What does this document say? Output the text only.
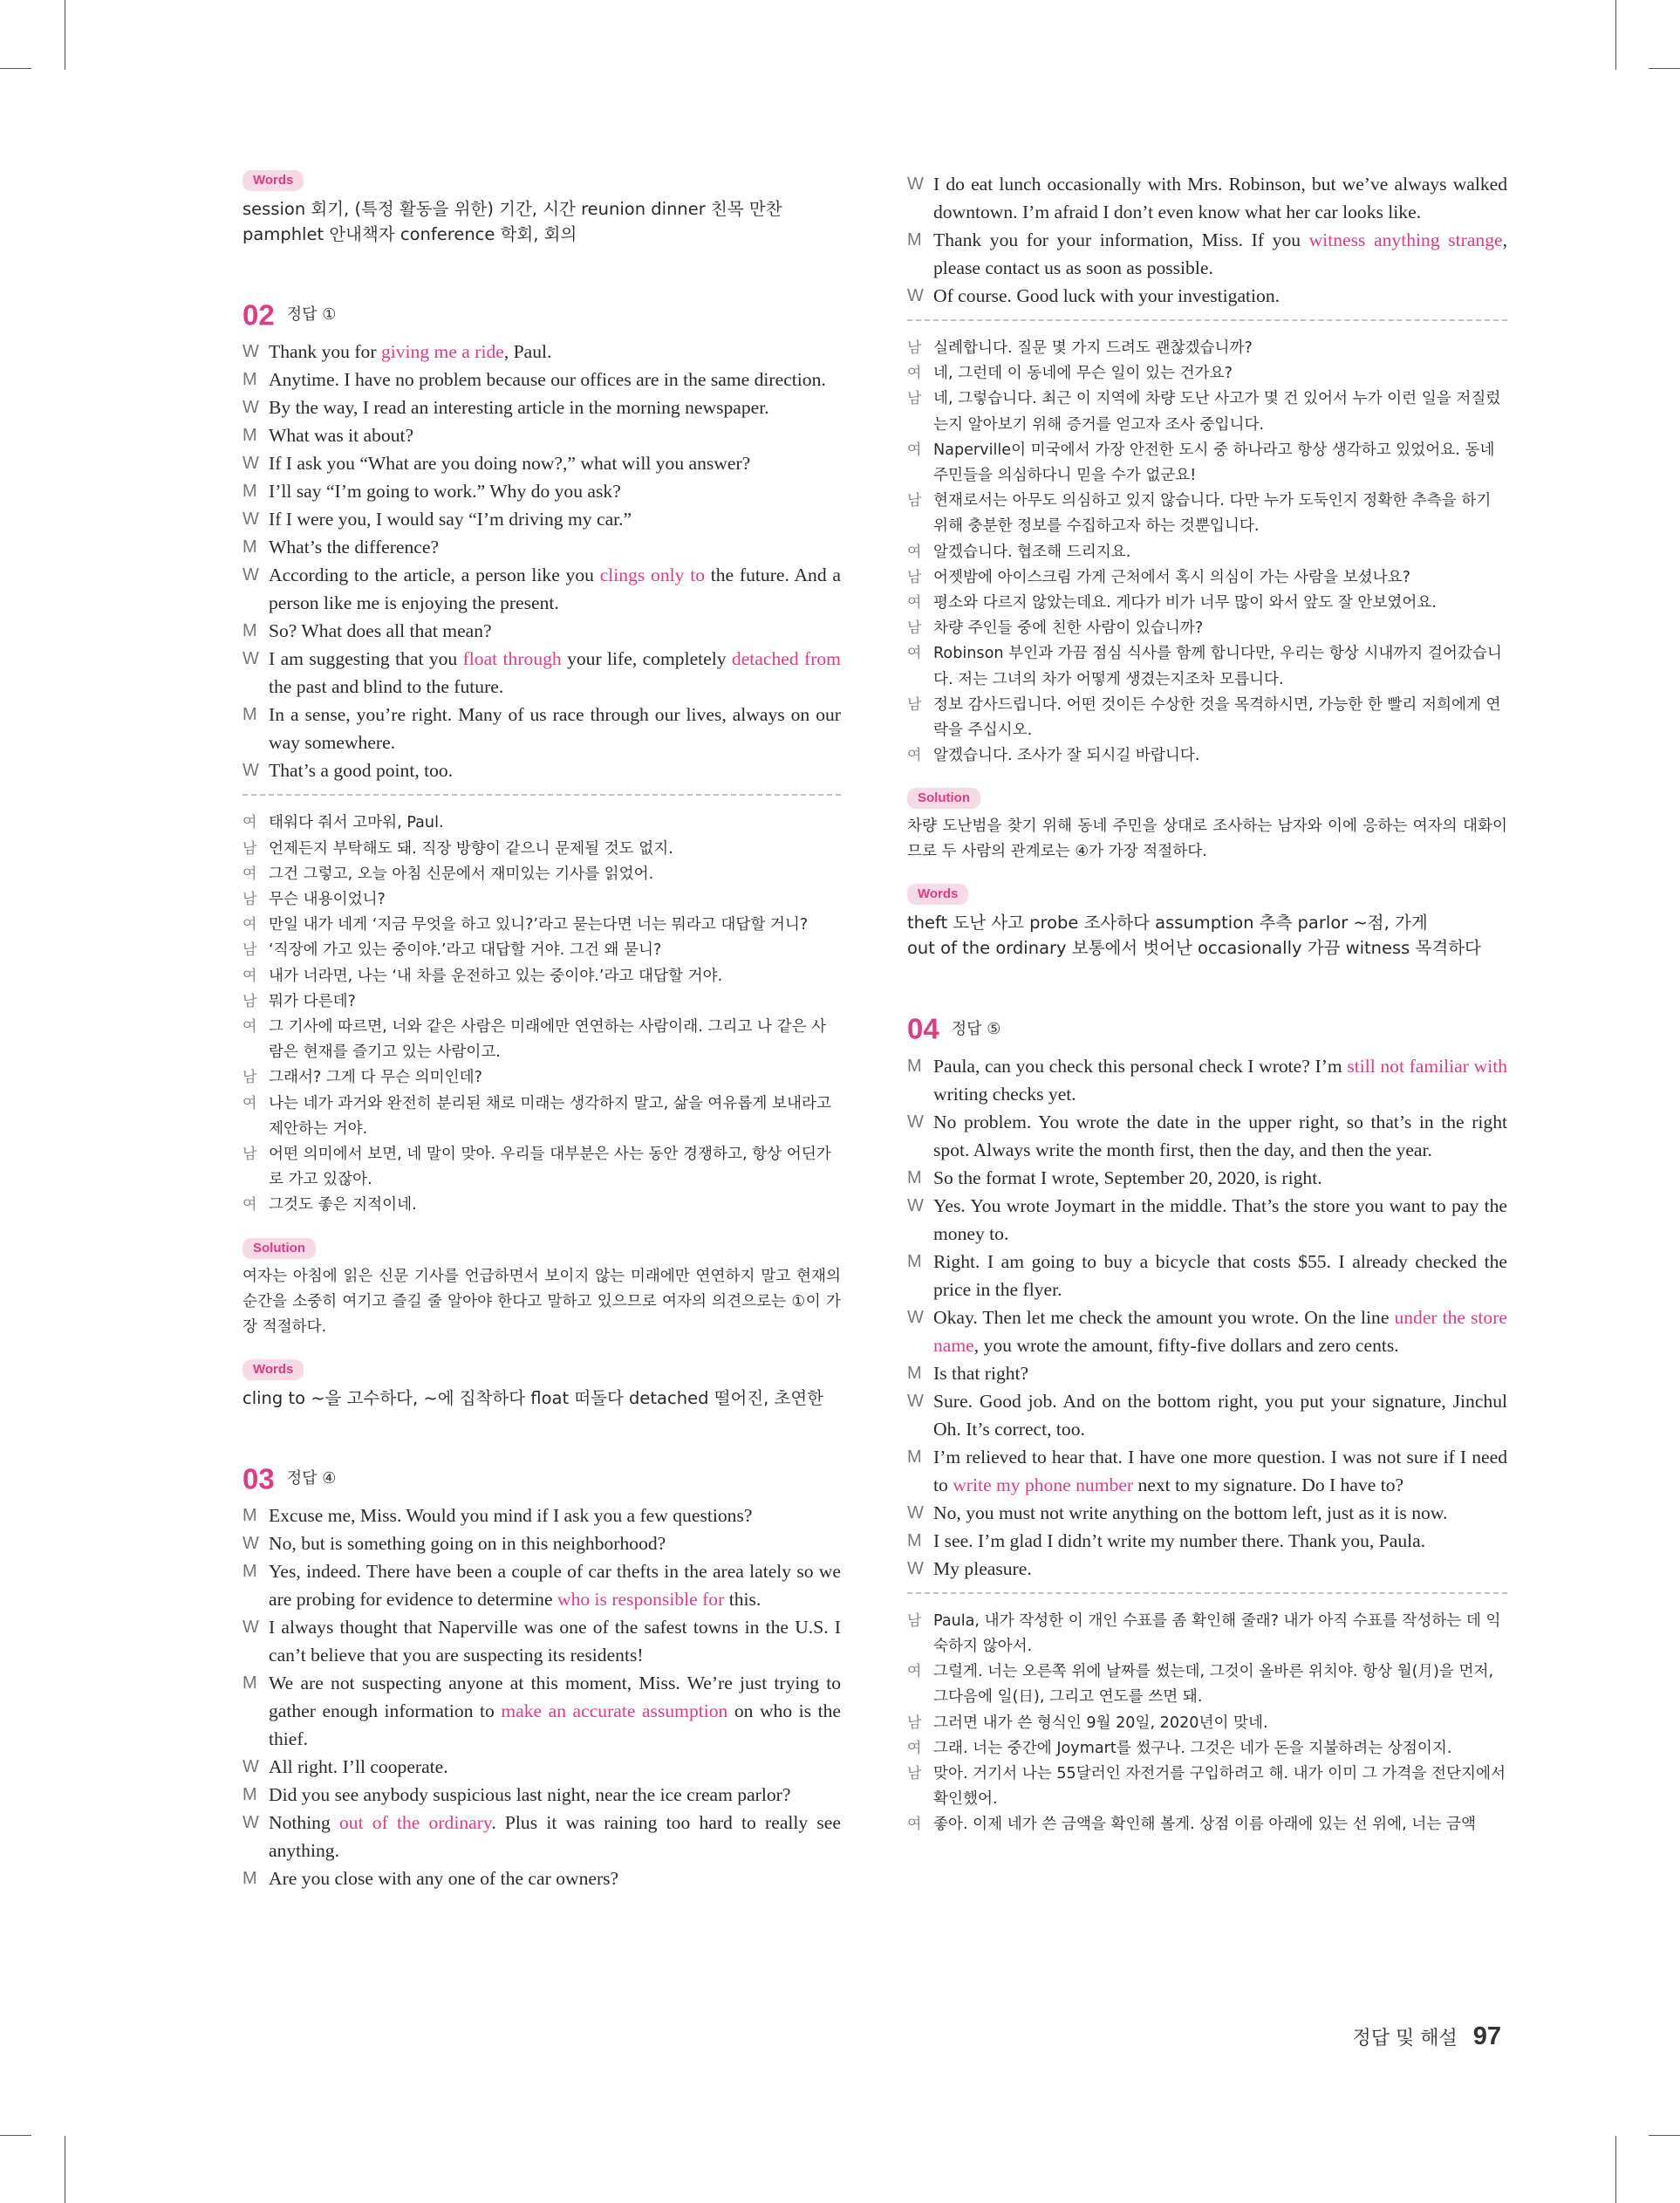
Words

session 회기, (특정 활동을 위한) 기간, 시간 reunion dinner 친목 만찬

pamphlet 안내책자 conference 학회, 회의

02 정답 ①
W Thank you for giving me a ride, Paul.
M Anytime. I have no problem because our offices are in the same direction.
W By the way, I read an interesting article in the morning newspaper.
M What was it about?
W If I ask you “What are you doing now?,” what will you answer?
M I’ll say “I’m going to work.” Why do you ask?
W If I were you, I would say “I’m driving my car.”
M What’s the difference?
W According to the article, a person like you clings only to the future. And a person like me is enjoying the present.
M So? What does all that mean?
W I am suggesting that you float through your life, completely detached from the past and blind to the future.
M In a sense, you’re right. Many of us race through our lives, always on our way somewhere.
W That’s a good point, too.
여 태워다 줘서 고마워, Paul.
남 언제든지 부탁해도 돼. 직장 방향이 같으니 문제될 것도 없지.
여 그건 그렇고, 오늘 아침 신문에서 재미있는 기사를 읽었어.
남 무슨 내용이었니?
여 만일 내가 네게 ‘지금 무엇을 하고 있니?’라고 묻는다면 너는 뭐라고 대답할 거니?
남 ‘직장에 가고 있는 중이야.’라고 대답할 거야. 그건 왜 묻니?
여 내가 너라면, 나는 ‘내 차를 운전하고 있는 중이야.’라고 대답할 거야.
남 뭐가 다른데?
여 그 기사에 따르면, 너와 같은 사람은 미래에만 연연하는 사람이래. 그리고 나 같은 사람은 현재를 즐기고 있는 사람이고.
남 그래서? 그게 다 무슨 의미인데?
여 나는 네가 과거와 완전히 분리된 채로 미래는 생각하지 말고, 삶을 여유롭게 보내라고 제안하는 거야.
남 어떤 의미에서 보면, 네 말이 맞아. 우리들 대부분은 사는 동안 경쟁하고, 항상 어딘가로 가고 있잖아.
여 그것도 좋은 지적이네.
Solution

여자는 아침에 읽은 신문 기사를 언급하면서 보이지 않는 미래에만 연연하지 말고 현재의 순간을 소중히 여기고 즐길 줄 알아야 한다고 말하고 있으므로 여자의 의견으로는 ①이 가장 적절하다.

Words

cling to ~을 고수하다, ~에 집착하다 float 떠돌다 detached 떨어진, 초연한

03 정답 ④
M Excuse me, Miss. Would you mind if I ask you a few questions?
W No, but is something going on in this neighborhood?
M Yes, indeed. There have been a couple of car thefts in the area lately so we are probing for evidence to determine who is responsible for this.
W I always thought that Naperville was one of the safest towns in the U.S. I can’t believe that you are suspecting its residents!
M We are not suspecting anyone at this moment, Miss. We’re just trying to gather enough information to make an accurate assumption on who is the thief.
W All right. I’ll cooperate.
M Did you see anybody suspicious last night, near the ice cream parlor?
W Nothing out of the ordinary. Plus it was raining too hard to really see anything.
M Are you close with any one of the car owners?
W I do eat lunch occasionally with Mrs. Robinson, but we’ve always walked downtown. I’m afraid I don’t even know what her car looks like.
M Thank you for your information, Miss. If you witness anything strange, please contact us as soon as possible.
W Of course. Good luck with your investigation.
남 실례합니다. 질문 몇 가지 드려도 괜찮겠습니까?
여 네, 그런데 이 동네에 무슨 일이 있는 건가요?
남 네, 그렇습니다. 최근 이 지역에 차량 도난 사고가 몇 건 있어서 누가 이런 일을 저질렀는지 알아보기 위해 증거를 얻고자 조사 중입니다.
여 Naperville이 미국에서 가장 안전한 도시 중 하나라고 항상 생각하고 있었어요. 동네 주민들을 의심하다니 믿을 수가 없군요!
남 현재로서는 아무도 의심하고 있지 않습니다. 다만 누가 도둑인지 정확한 추측을 하기 위해 충분한 정보를 수집하고자 하는 것뿐입니다.
여 알겠습니다. 협조해 드리지요.
남 어젯밤에 아이스크림 가게 근처에서 혹시 의심이 가는 사람을 보셨나요?
여 평소와 다르지 않았는데요. 게다가 비가 너무 많이 와서 앞도 잘 안보였어요.
남 차량 주인들 중에 친한 사람이 있습니까?
여 Robinson 부인과 가끔 점심 식사를 함께 합니다만, 우리는 항상 시내까지 걸어갔습니다. 저는 그녀의 차가 어떻게 생겼는지조차 모릅니다.
남 정보 감사드립니다. 어떤 것이든 수상한 것을 목격하시면, 가능한 한 빨리 저희에게 연락을 주십시오.
여 알겠습니다. 조사가 잘 되시길 바랍니다.
Solution

차량 도난범을 찾기 위해 동네 주민을 상대로 조사하는 남자와 이에 응하는 여자의 대화이므로 두 사람의 관계로는 ④가 가장 적절하다.

Words

theft 도난 사고 probe 조사하다 assumption 추측 parlor ~점, 가게

out of the ordinary 보통에서 벗어난 occasionally 가끔 witness 목격하다

04 정답 ⑤
M Paula, can you check this personal check I wrote? I’m still not familiar with writing checks yet.
W No problem. You wrote the date in the upper right, so that’s in the right spot. Always write the month first, then the day, and then the year.
M So the format I wrote, September 20, 2020, is right.
W Yes. You wrote Joymart in the middle. That’s the store you want to pay the money to.
M Right. I am going to buy a bicycle that costs $55. I already checked the price in the flyer.
W Okay. Then let me check the amount you wrote. On the line under the store name, you wrote the amount, fifty-five dollars and zero cents.
M Is that right?
W Sure. Good job. And on the bottom right, you put your signature, Jinchul Oh. It’s correct, too.
M I’m relieved to hear that. I have one more question. I was not sure if I need to write my phone number next to my signature. Do I have to?
W No, you must not write anything on the bottom left, just as it is now.
M I see. I’m glad I didn’t write my number there. Thank you, Paula.
W My pleasure.
남 Paula, 내가 작성한 이 개인 수표를 좀 확인해 줄래? 내가 아직 수표를 작성하는 데 익숙하지 않아서.
여 그럴게. 너는 오른쪽 위에 날짜를 썼는데, 그것이 올바른 위치야. 항상 월(月)을 먼저, 그다음에 일(日), 그리고 연도를 쓰면 돼.
남 그러면 내가 쓴 형식인 9월 20일, 2020년이 맞네.
여 그래. 너는 중간에 Joymart를 썼구나. 그것은 네가 돈을 지불하려는 상점이지.
남 맞아. 거기서 나는 55달러인 자전거를 구입하려고 해. 내가 이미 그 가격을 전단지에서 확인했어.
여 좋아. 이제 네가 쓴 금액을 확인해 볼게. 상점 이름 아래에 있는 선 위에, 너는 금액
정답 및 해설 97
